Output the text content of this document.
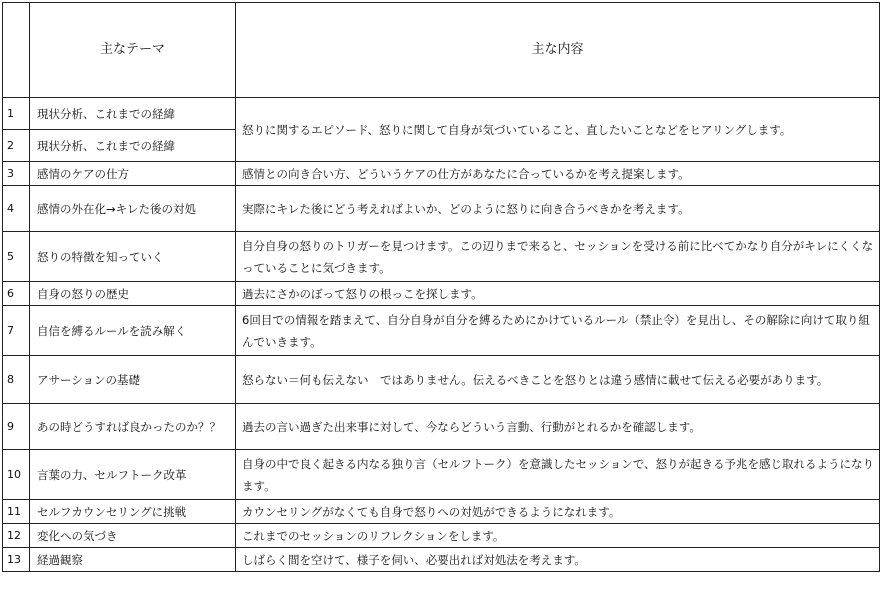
	主なテーマ	主な内容
1	現状分析、これまでの経緯	怒りに関するエピソード、怒りに関して自身が気づいていること、直したいことなどをヒアリングします。
2	現状分析、これまでの経緯	
3	感情のケアの仕方	感情との向き合い方、どういうケアの仕方があなたに合っているかを考え提案します。
4	感情の外在化→キレた後の対処	実際にキレた後にどう考えればよいか、どのように怒りに向き合うべきかを考えます。
5	怒りの特徴を知っていく	自分自身の怒りのトリガーを見つけます。この辺りまで来ると、セッションを受ける前に比べてかなり自分がキレにくくなっていることに気づきます。
6	自身の怒りの歴史	過去にさかのぼって怒りの根っこを探します。
7	自信を縛るルールを読み解く	6回目での情報を踏まえて、自分自身が自分を縛るためにかけているルール（禁止令）を見出し、その解除に向けて取り組んでいきます。
8	アサーションの基礎	怒らない＝何も伝えない　ではありません。伝えるべきことを怒りとは違う感情に載せて伝える必要があります。
9	あの時どうすれば良かったのか？？	過去の言い過ぎた出来事に対して、今ならどういう言動、行動がとれるかを確認します。
10	言葉の力、セルフトーク改革	自身の中で良く起きる内なる独り言（セルフトーク）を意識したセッションで、怒りが起きる予兆を感じ取れるようになります。
11	セルフカウンセリングに挑戦	カウンセリングがなくても自身で怒りへの対処ができるようになれます。
12	変化への気づき	これまでのセッションのリフレクションをします。
13	経過観察	しばらく間を空けて、様子を伺い、必要出れば対処法を考えます。
